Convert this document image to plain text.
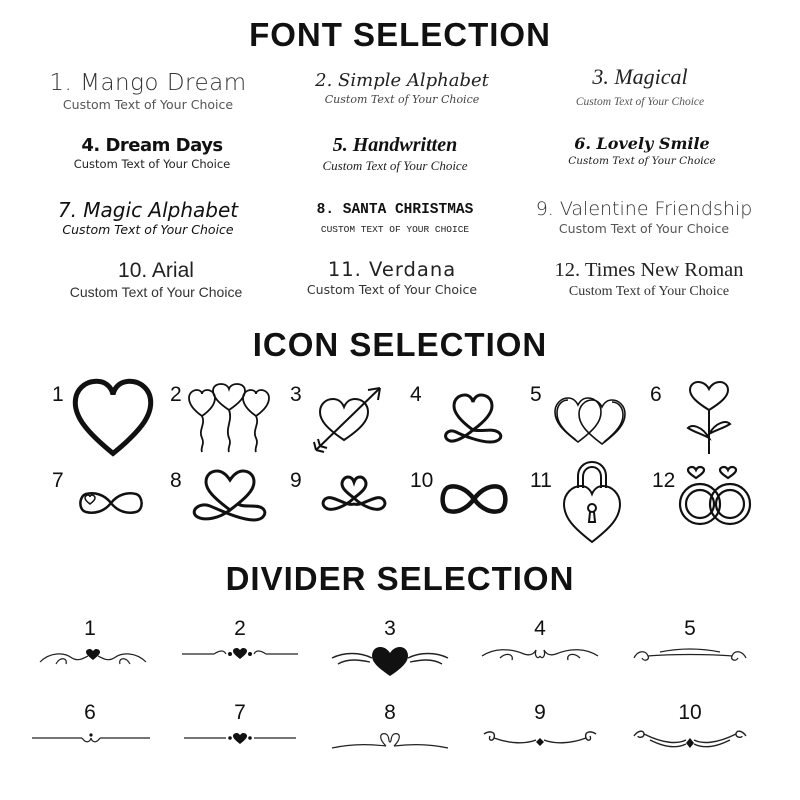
FONT SELECTION
1. Mango Dream
Custom Text of Your Choice
2. Simple Alphabet
Custom Text of Your Choice
3. Magical
Custom Text of Your Choice
4. Dream Days
Custom Text of Your Choice
5. Handwritten
Custom Text of Your Choice
6. Lovely Smile
Custom Text of Your Choice
7. Magic Alphabet
Custom Text of Your Choice
8. SANTA CHRISTMAS
CUSTOM TEXT OF YOUR CHOICE
9. Valentine Friendship
Custom Text of Your Choice
10. Arial
Custom Text of Your Choice
11. Verdana
Custom Text of Your Choice
12. Times New Roman
Custom Text of Your Choice
ICON SELECTION
1	2	3	4	5	6
7	8	9	10	11	12
DIVIDER SELECTION
1	2	3	4	5
6	7	8	9	10
